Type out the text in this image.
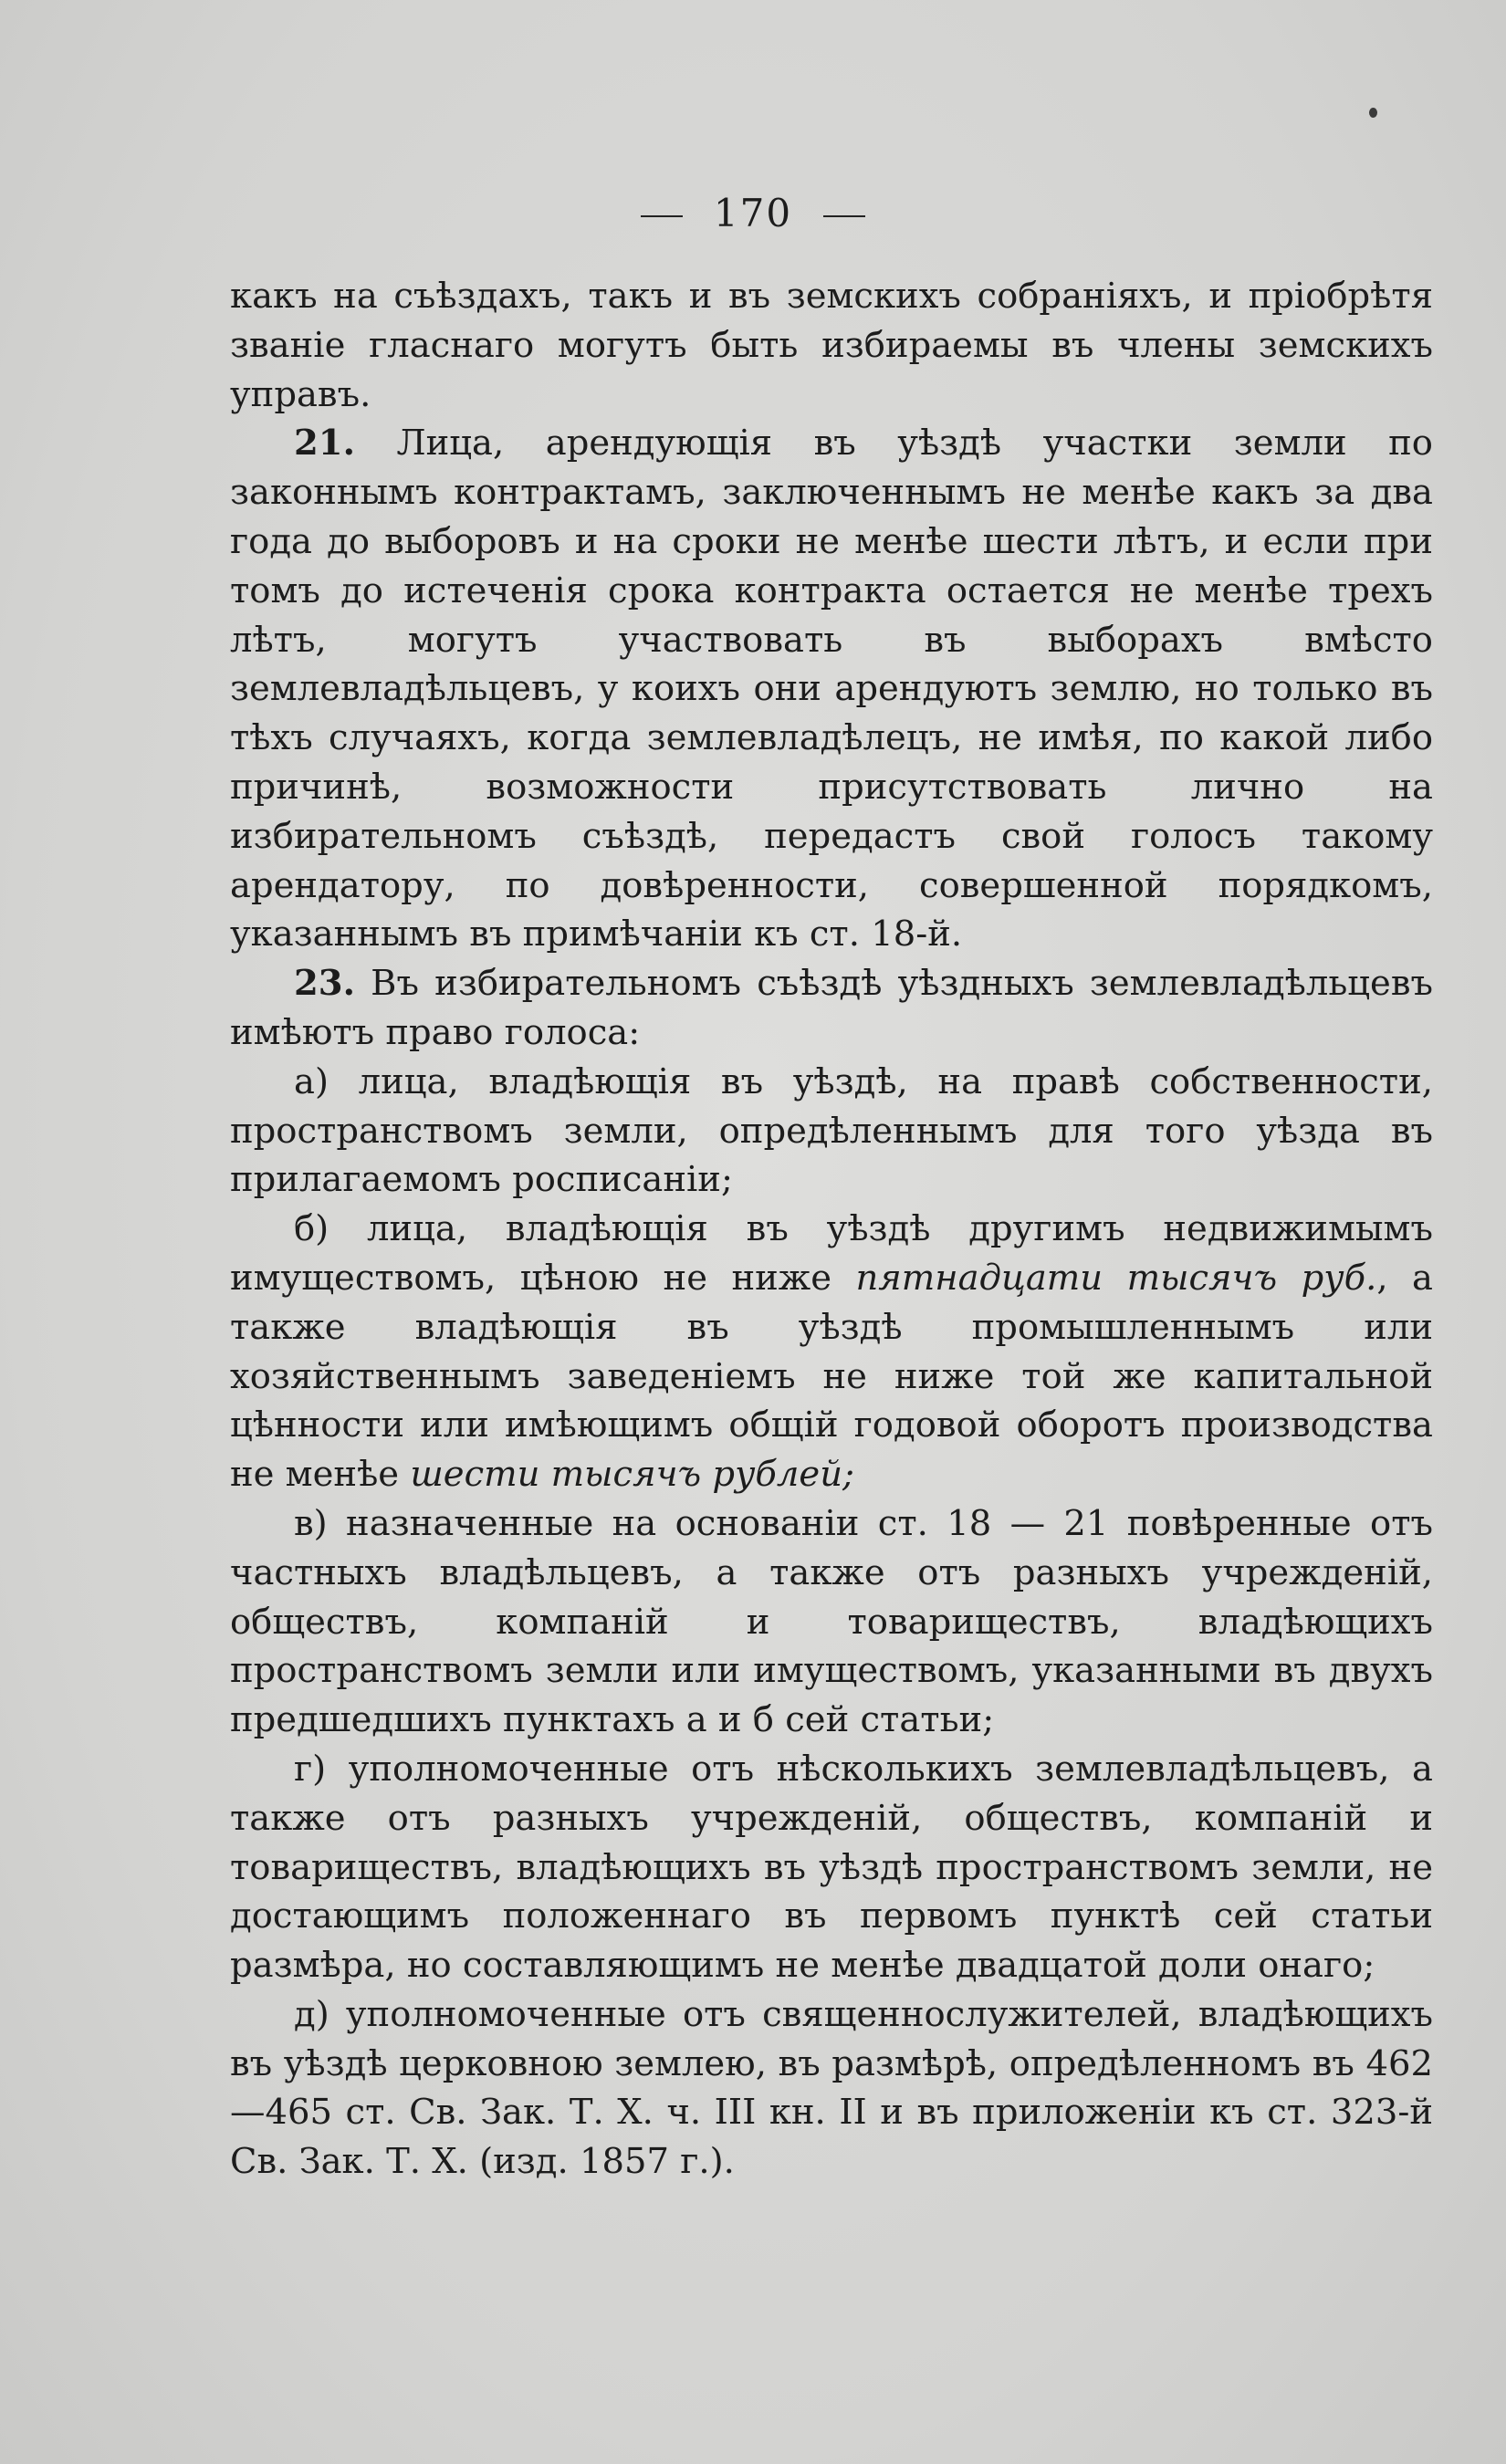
170

какъ на съѣздахъ, такъ и въ земскихъ собраніяхъ, и пріобрѣтя званіе гласнаго могутъ быть избираемы въ члены земскихъ управъ.

21. Лица, арендующія въ уѣздѣ участки земли по законнымъ контрактамъ, заключеннымъ не менѣе какъ за два года до выборовъ и на сроки не менѣе шести лѣтъ, и если при томъ до истеченія срока контракта остается не менѣе трехъ лѣтъ, могутъ участвовать въ выборахъ вмѣсто землевладѣльцевъ, у коихъ они арендуютъ землю, но только въ тѣхъ случаяхъ, когда землевладѣлецъ, не имѣя, по какой либо причинѣ, возможности присутствовать лично на избирательномъ съѣздѣ, передастъ свой голосъ такому арендатору, по довѣренности, совершенной порядкомъ, указаннымъ въ примѣчаніи къ ст. 18-й.

23. Въ избирательномъ съѣздѣ уѣздныхъ землевладѣльцевъ имѣютъ право голоса:

а) лица, владѣющія въ уѣздѣ, на правѣ собственности, пространствомъ земли, опредѣленнымъ для того уѣзда въ прилагаемомъ росписаніи;

б) лица, владѣющія въ уѣздѣ другимъ недвижимымъ имуществомъ, цѣною не ниже пятнадцати тысячъ руб., а также владѣющія въ уѣздѣ промышленнымъ или хозяйственнымъ заведеніемъ не ниже той же капитальной цѣнности или имѣющимъ общій годовой оборотъ производства не менѣе шести тысячъ рублей;

в) назначенные на основаніи ст. 18 — 21 повѣренные отъ частныхъ владѣльцевъ, а также отъ разныхъ учрежденій, обществъ, компаній и товариществъ, владѣющихъ пространствомъ земли или имуществомъ, указанными въ двухъ предшедшихъ пунктахъ а и б сей статьи;

г) уполномоченные отъ нѣсколькихъ землевладѣльцевъ, а также отъ разныхъ учрежденій, обществъ, компаній и товариществъ, владѣющихъ въ уѣздѣ пространствомъ земли, не достающимъ положеннаго въ первомъ пунктѣ сей статьи размѣра, но составляющимъ не менѣе двадцатой доли онаго;

д) уполномоченные отъ священнослужителей, владѣющихъ въ уѣздѣ церковною землею, въ размѣрѣ, опредѣленномъ въ 462—465 ст. Св. Зак. Т. X. ч. III кн. II и въ приложеніи къ ст. 323-й Св. Зак. Т. X. (изд. 1857 г.).
